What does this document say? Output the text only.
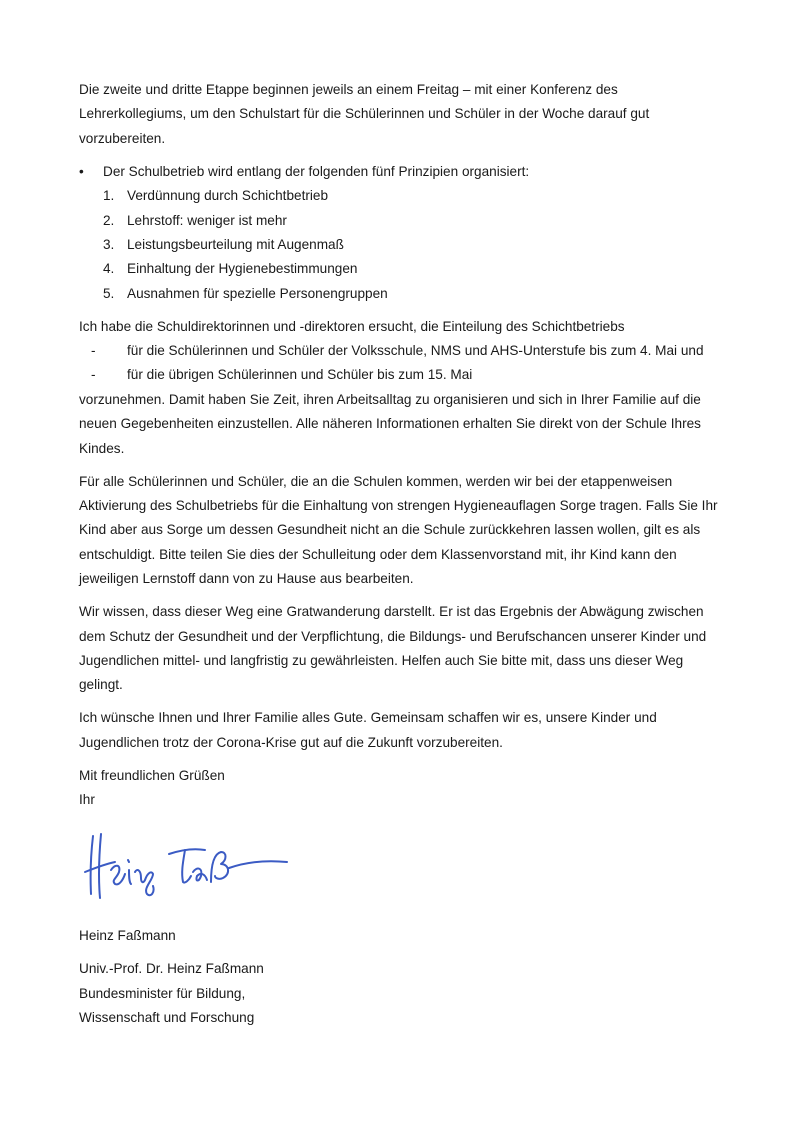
Die zweite und dritte Etappe beginnen jeweils an einem Freitag – mit einer Konferenz des Lehrerkollegiums, um den Schulstart für die Schülerinnen und Schüler in der Woche darauf gut vorzubereiten.

• Der Schulbetrieb wird entlang der folgenden fünf Prinzipien organisiert:
1. Verdünnung durch Schichtbetrieb
2. Lehrstoff: weniger ist mehr
3. Leistungsbeurteilung mit Augenmaß
4. Einhaltung der Hygienebestimmungen
5. Ausnahmen für spezielle Personengruppen

Ich habe die Schuldirektorinnen und -direktoren ersucht, die Einteilung des Schichtbetriebs

- für die Schülerinnen und Schüler der Volksschule, NMS und AHS-Unterstufe bis zum 4. Mai und
- für die übrigen Schülerinnen und Schüler bis zum 15. Mai

vorzunehmen. Damit haben Sie Zeit, ihren Arbeitsalltag zu organisieren und sich in Ihrer Familie auf die neuen Gegebenheiten einzustellen. Alle näheren Informationen erhalten Sie direkt von der Schule Ihres Kindes.

Für alle Schülerinnen und Schüler, die an die Schulen kommen, werden wir bei der etappenweisen Aktivierung des Schulbetriebs für die Einhaltung von strengen Hygieneauflagen Sorge tragen. Falls Sie Ihr Kind aber aus Sorge um dessen Gesundheit nicht an die Schule zurückkehren lassen wollen, gilt es als entschuldigt. Bitte teilen Sie dies der Schulleitung oder dem Klassenvorstand mit, ihr Kind kann den jeweiligen Lernstoff dann von zu Hause aus bearbeiten.

Wir wissen, dass dieser Weg eine Gratwanderung darstellt. Er ist das Ergebnis der Abwägung zwischen dem Schutz der Gesundheit und der Verpflichtung, die Bildungs- und Berufschancen unserer Kinder und Jugendlichen mittel- und langfristig zu gewährleisten. Helfen auch Sie bitte mit, dass uns dieser Weg gelingt.

Ich wünsche Ihnen und Ihrer Familie alles Gute. Gemeinsam schaffen wir es, unsere Kinder und Jugendlichen trotz der Corona-Krise gut auf die Zukunft vorzubereiten.

Mit freundlichen Grüßen

Ihr

Heinz Faßmann

Univ.-Prof. Dr. Heinz Faßmann

Bundesminister für Bildung,

Wissenschaft und Forschung
